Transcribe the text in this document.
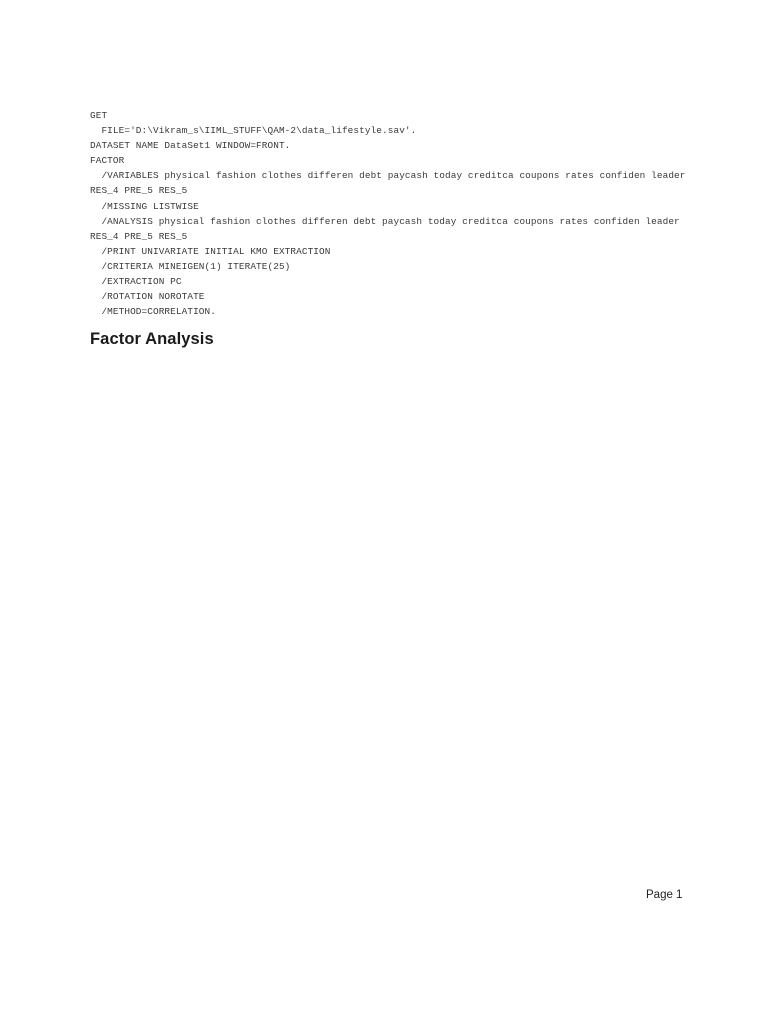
GET
FILE='D:\Vikram_s\IIML_STUFF\QAM-2\data_lifestyle.sav'.
DATASET NAME DataSet1 WINDOW=FRONT.
FACTOR
/VARIABLES physical fashion clothes differen debt paycash today creditca coupons rates confiden leader
RES_4 PRE_5 RES_5
/MISSING LISTWISE
/ANALYSIS physical fashion clothes differen debt paycash today creditca coupons rates confiden leader
RES_4 PRE_5 RES_5
/PRINT UNIVARIATE INITIAL KMO EXTRACTION
/CRITERIA MINEIGEN(1) ITERATE(25)
/EXTRACTION PC
/ROTATION NOROTATE
/METHOD=CORRELATION.
Factor Analysis
Page 1
